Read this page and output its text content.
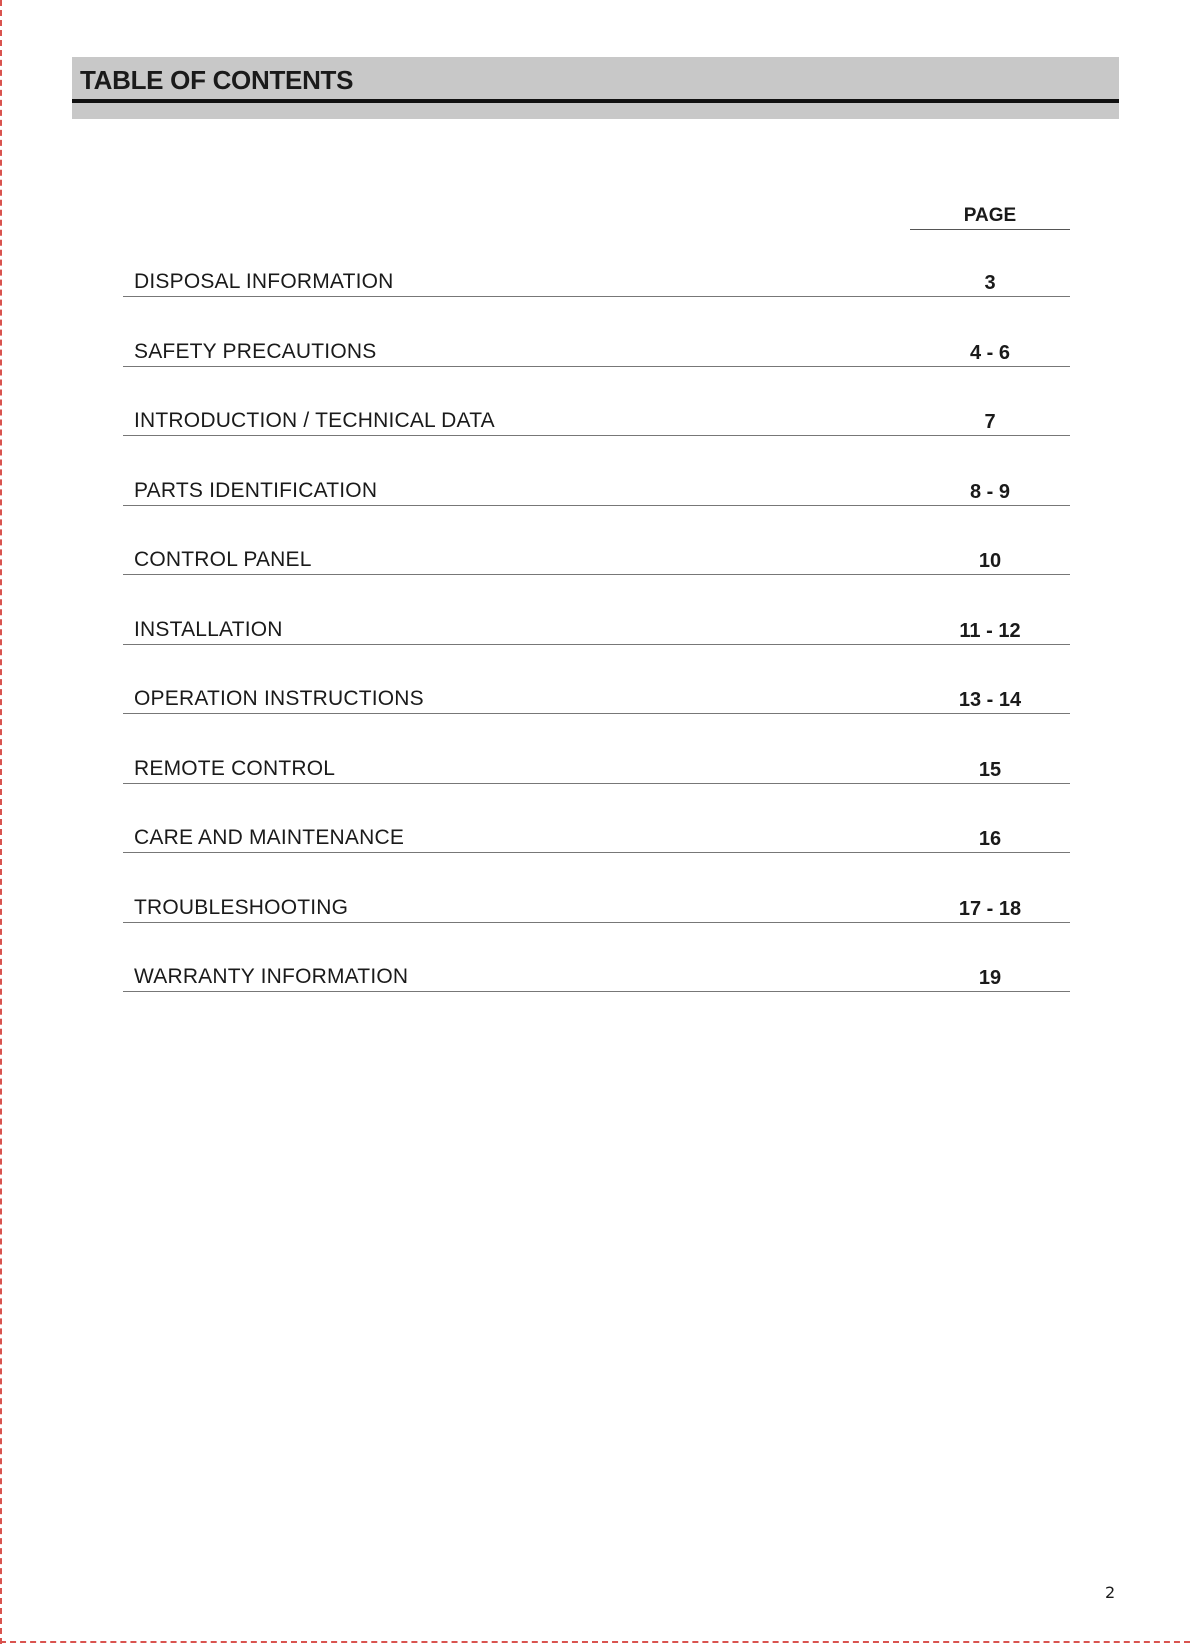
TABLE OF CONTENTS
PAGE
DISPOSAL INFORMATION	3
SAFETY PRECAUTIONS	4 - 6
INTRODUCTION / TECHNICAL DATA	7
PARTS IDENTIFICATION	8 - 9
CONTROL PANEL	10
INSTALLATION	11 - 12
OPERATION INSTRUCTIONS	13 - 14
REMOTE CONTROL	15
CARE AND MAINTENANCE	16
TROUBLESHOOTING	17 - 18
WARRANTY INFORMATION	19
2
